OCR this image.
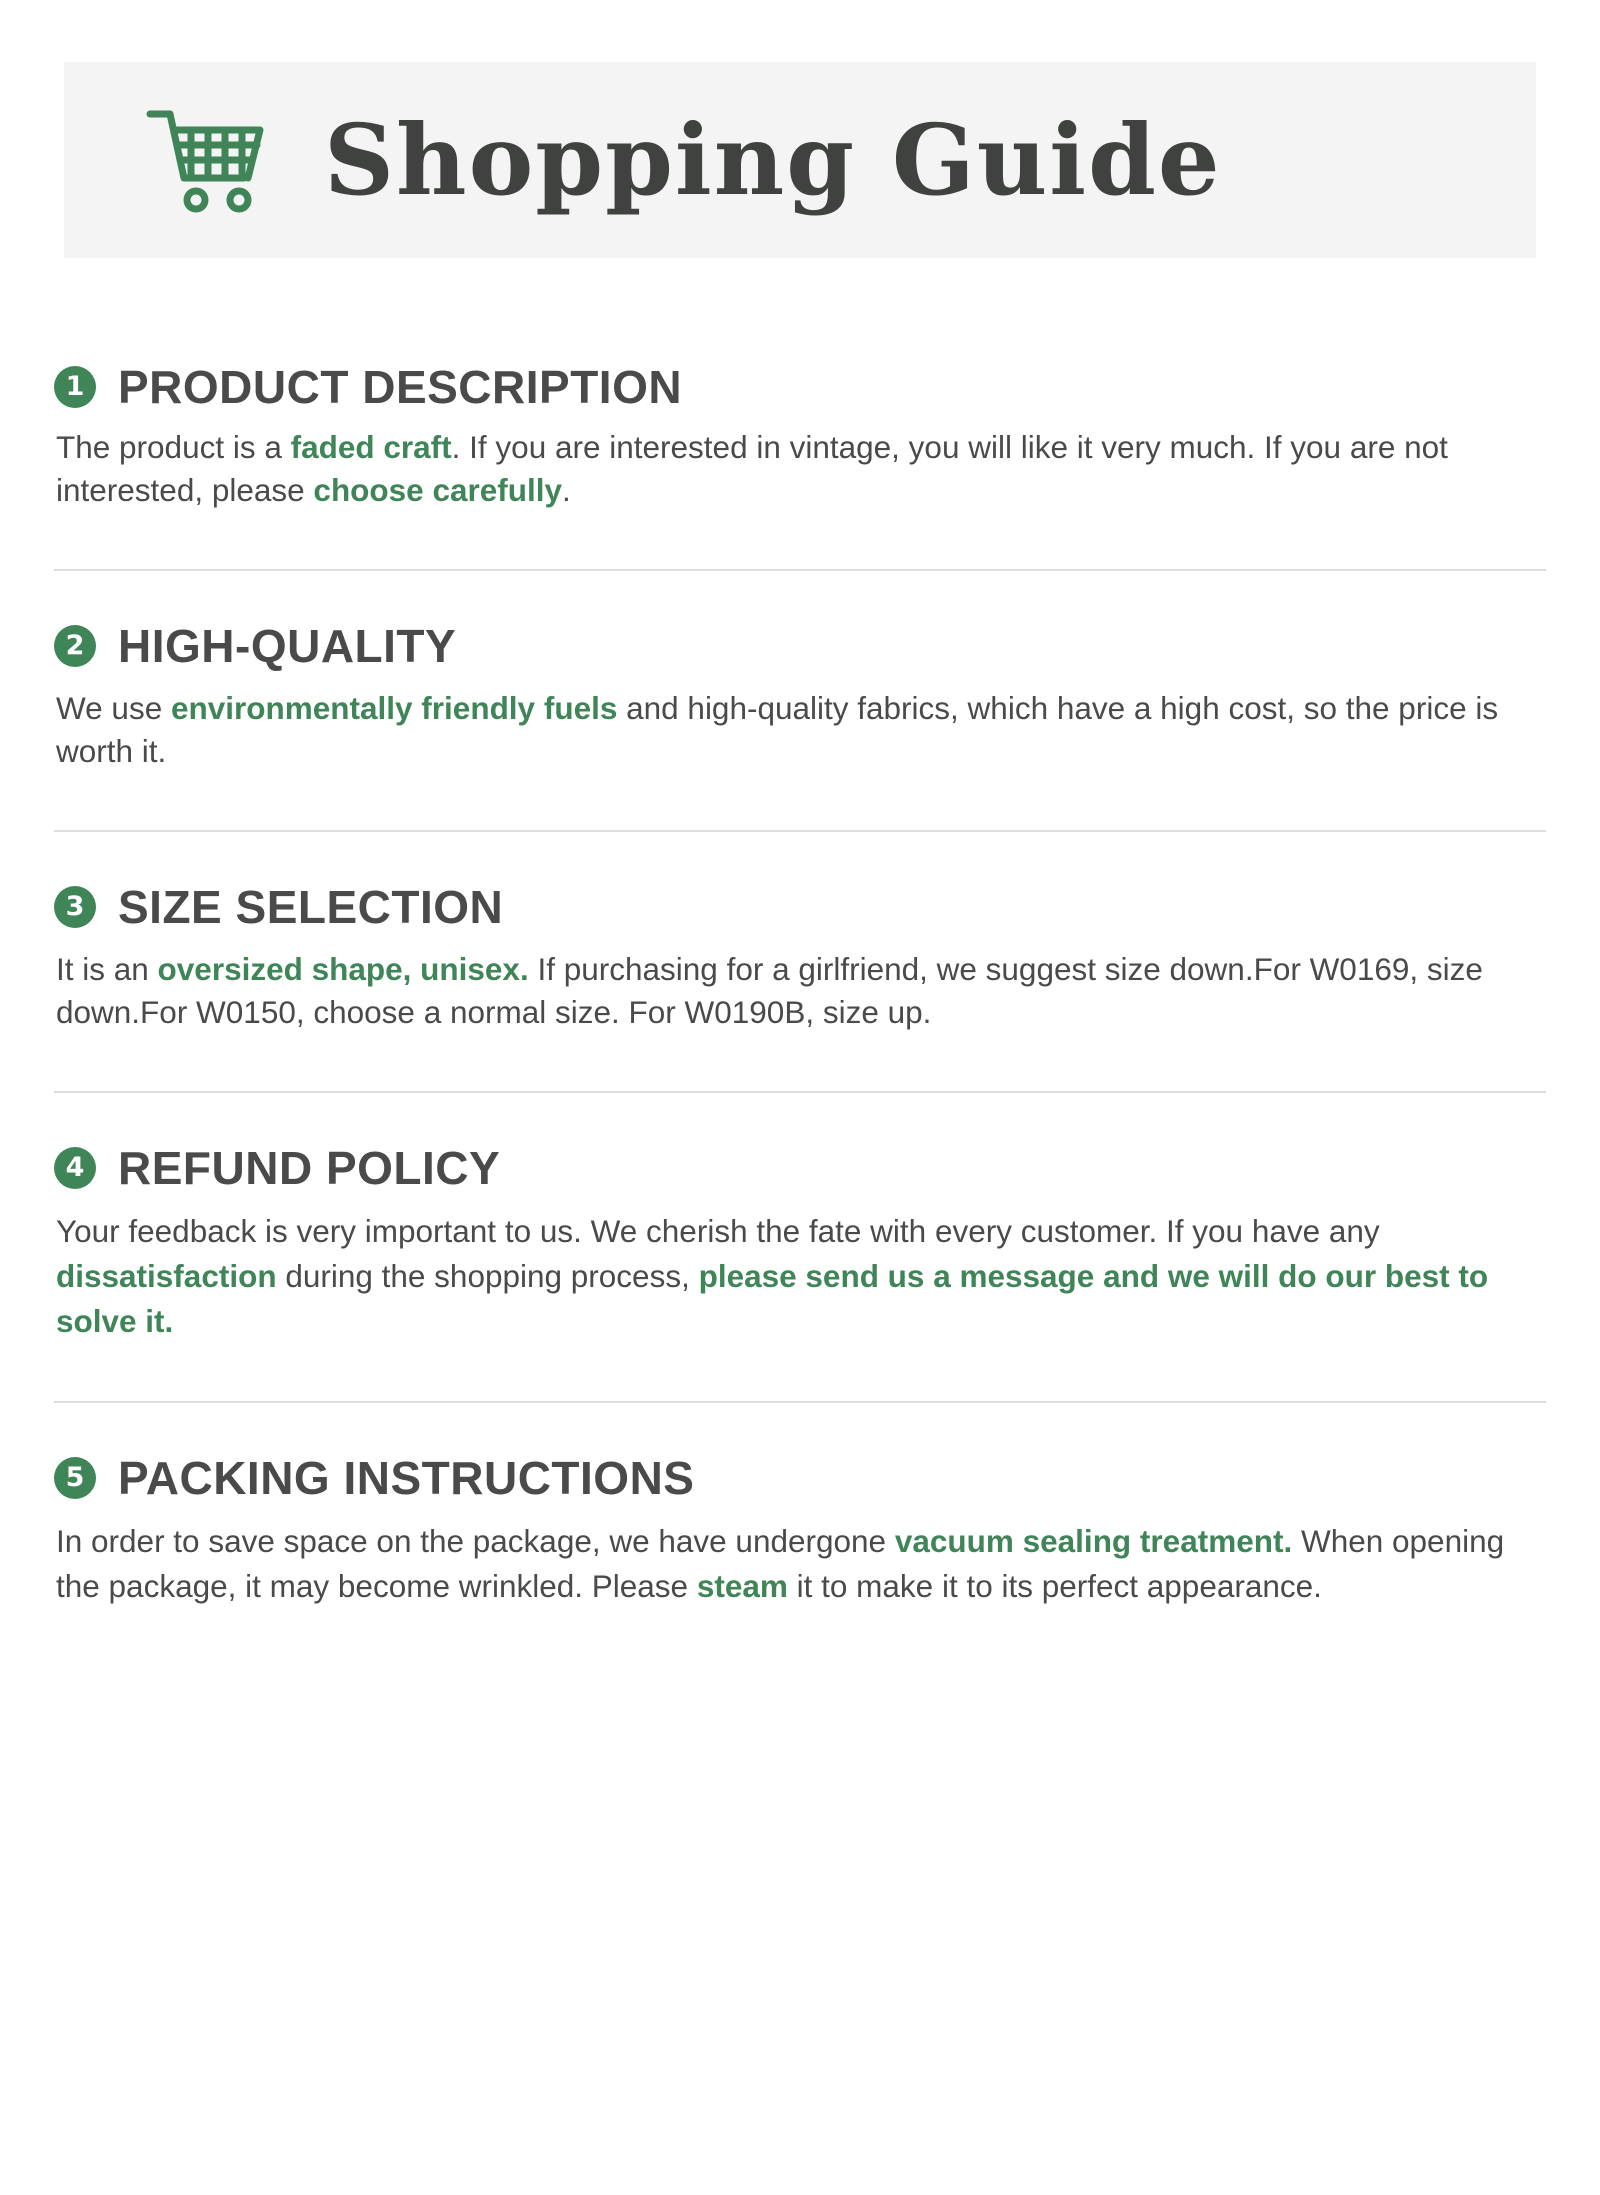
Shopping Guide
1 PRODUCT DESCRIPTION
The product is a faded craft. If you are interested in vintage, you will like it very much. If you are not interested, please choose carefully.
2 HIGH-QUALITY
We use environmentally friendly fuels and high-quality fabrics, which have a high cost, so the price is worth it.
3 SIZE SELECTION
It is an oversized shape, unisex. If purchasing for a girlfriend, we suggest size down.For W0169, size down.For W0150, choose a normal size. For W0190B, size up.
4 REFUND POLICY
Your feedback is very important to us. We cherish the fate with every customer. If you have any dissatisfaction during the shopping process, please send us a message and we will do our best to solve it.
5 PACKING INSTRUCTIONS
In order to save space on the package, we have undergone vacuum sealing treatment. When opening the package, it may become wrinkled. Please steam it to make it to its perfect appearance.
